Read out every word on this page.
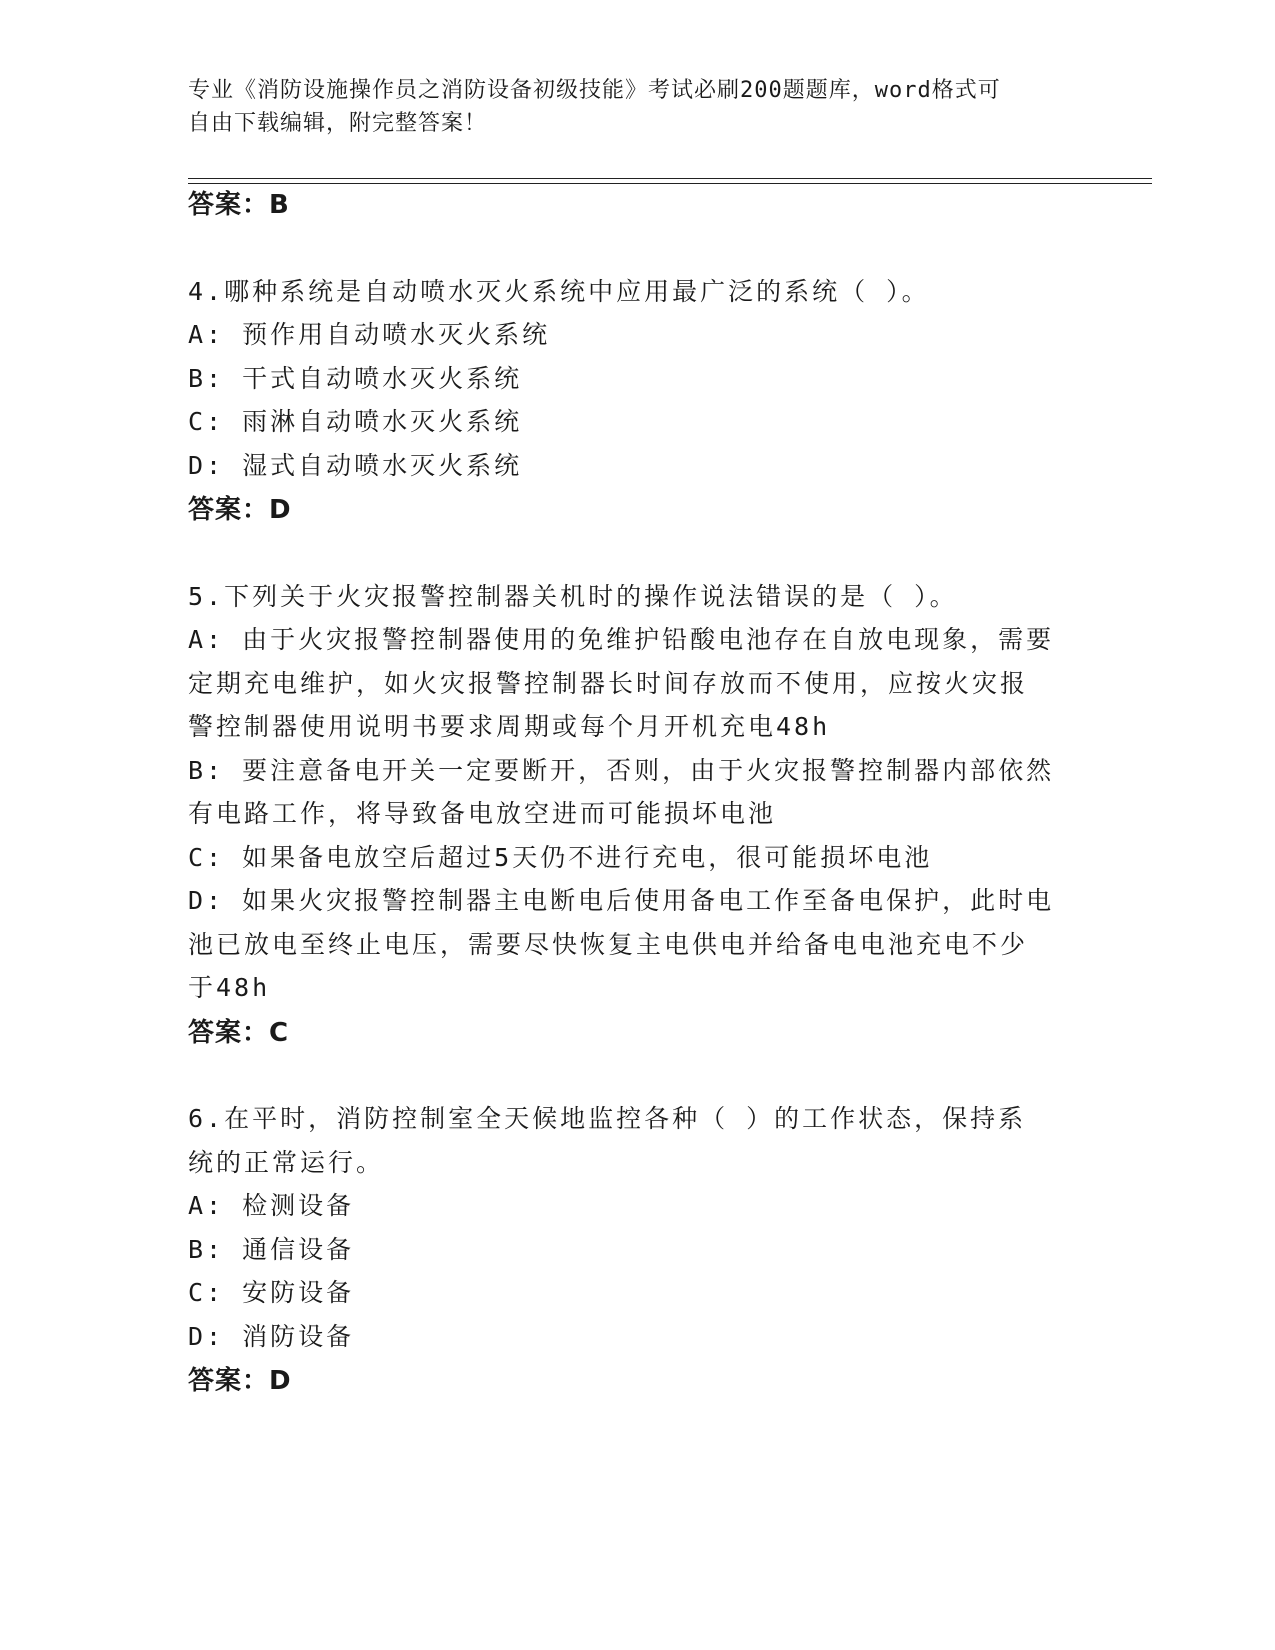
专业《消防设施操作员之消防设备初级技能》考试必刷200题题库，word格式可
自由下载编辑，附完整答案！
答案：B
4.哪种系统是自动喷水灭火系统中应用最广泛的系统（ ）。
A: 预作用自动喷水灭火系统
B: 干式自动喷水灭火系统
C: 雨淋自动喷水灭火系统
D: 湿式自动喷水灭火系统
答案：D
5.下列关于火灾报警控制器关机时的操作说法错误的是（ ）。
A: 由于火灾报警控制器使用的免维护铅酸电池存在自放电现象，需要
定期充电维护，如火灾报警控制器长时间存放而不使用，应按火灾报
警控制器使用说明书要求周期或每个月开机充电48h
B: 要注意备电开关一定要断开，否则，由于火灾报警控制器内部依然
有电路工作，将导致备电放空进而可能损坏电池
C: 如果备电放空后超过5天仍不进行充电，很可能损坏电池
D: 如果火灾报警控制器主电断电后使用备电工作至备电保护，此时电
池已放电至终止电压，需要尽快恢复主电供电并给备电电池充电不少
于48h
答案：C
6.在平时，消防控制室全天候地监控各种（ ）的工作状态，保持系
统的正常运行。
A: 检测设备
B: 通信设备
C: 安防设备
D: 消防设备
答案：D
